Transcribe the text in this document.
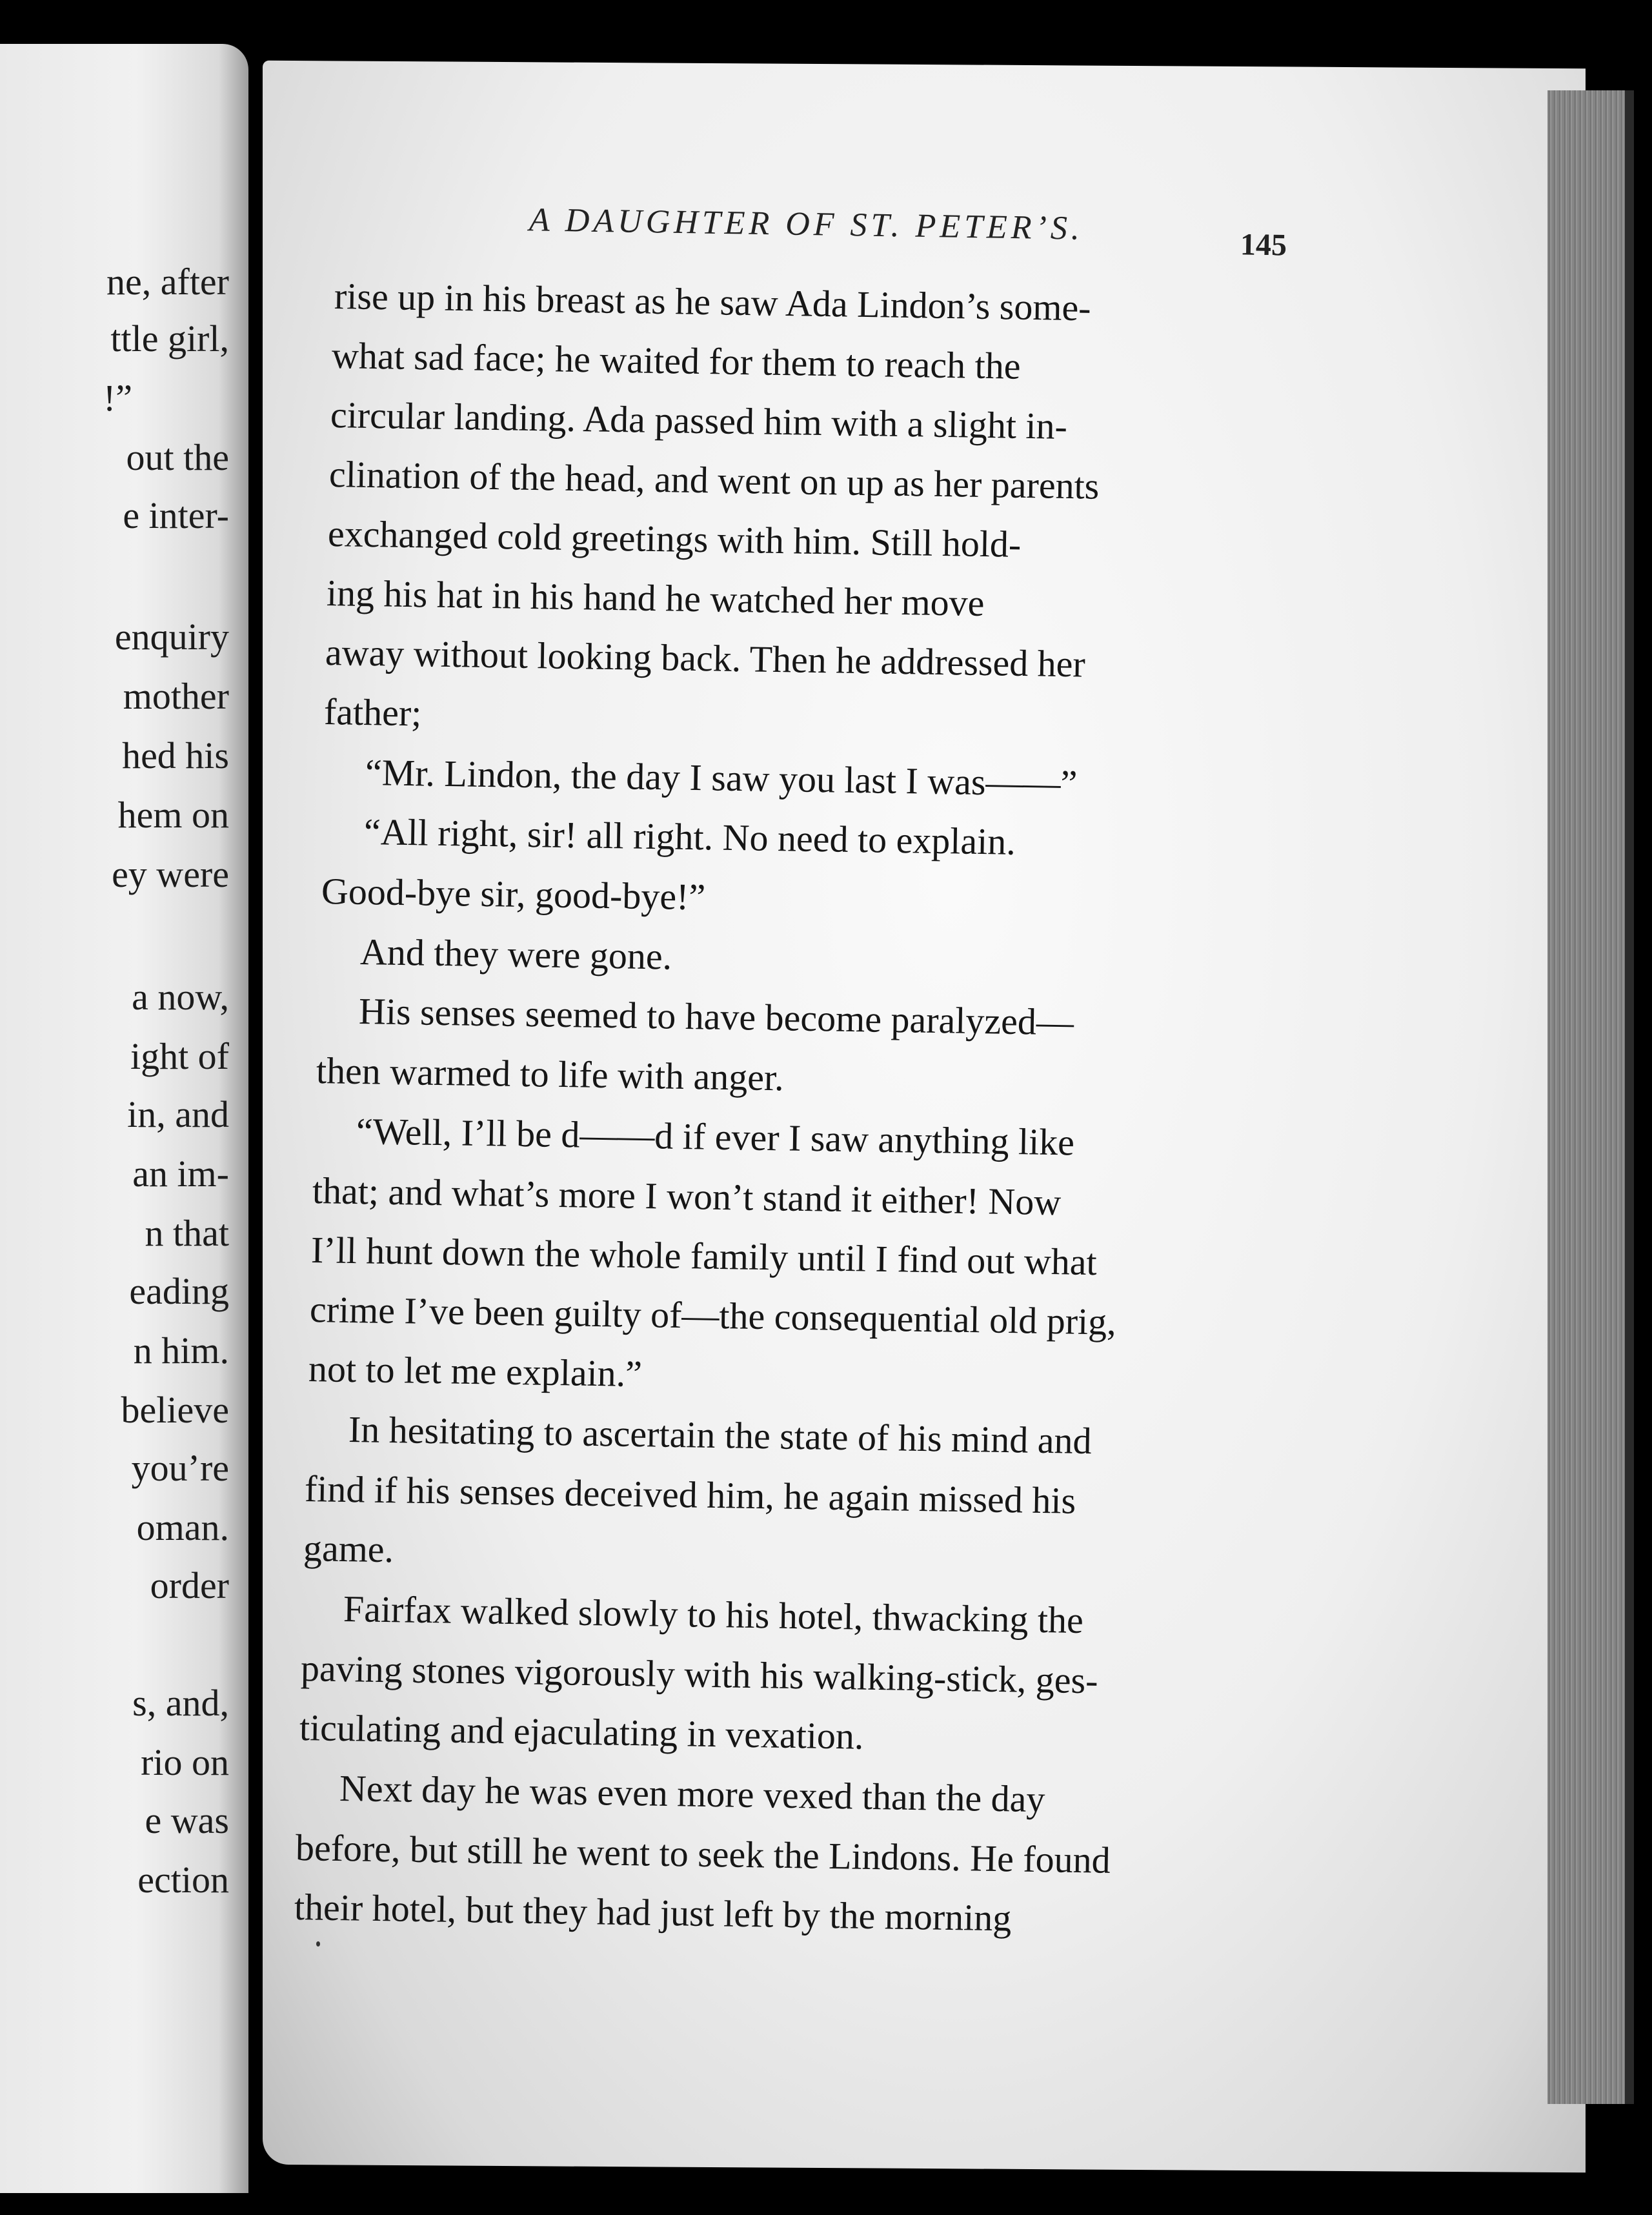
ne, after
ttle girl,
!”
out the
e inter-
enquiry
mother
hed his
hem on
ey were
a now,
ight of
in, and
an im-
n that
eading
n him.
believe
you’re
oman.
order
s, and,
rio on
e was
ection
A DAUGHTER OF ST. PETER’S.	145
rise up in his breast as he saw Ada Lindon’s some-
what sad face; he waited for them to reach the
circular landing. Ada passed him with a slight in-
clination of the head, and went on up as her parents
exchanged cold greetings with him. Still hold-
ing his hat in his hand he watched her move
away without looking back. Then he addressed her
father;
“Mr. Lindon, the day I saw you last I was——”
“All right, sir! all right. No need to explain.
Good-bye sir, good-bye!”
And they were gone.
His senses seemed to have become paralyzed—
then warmed to life with anger.
“Well, I’ll be d——d if ever I saw anything like
that; and what’s more I won’t stand it either! Now
I’ll hunt down the whole family until I find out what
crime I’ve been guilty of—the consequential old prig,
not to let me explain.”
In hesitating to ascertain the state of his mind and
find if his senses deceived him, he again missed his
game.
Fairfax walked slowly to his hotel, thwacking the
paving stones vigorously with his walking-stick, ges-
ticulating and ejaculating in vexation.
Next day he was even more vexed than the day
before, but still he went to seek the Lindons. He found
their hotel, but they had just left by the morning
